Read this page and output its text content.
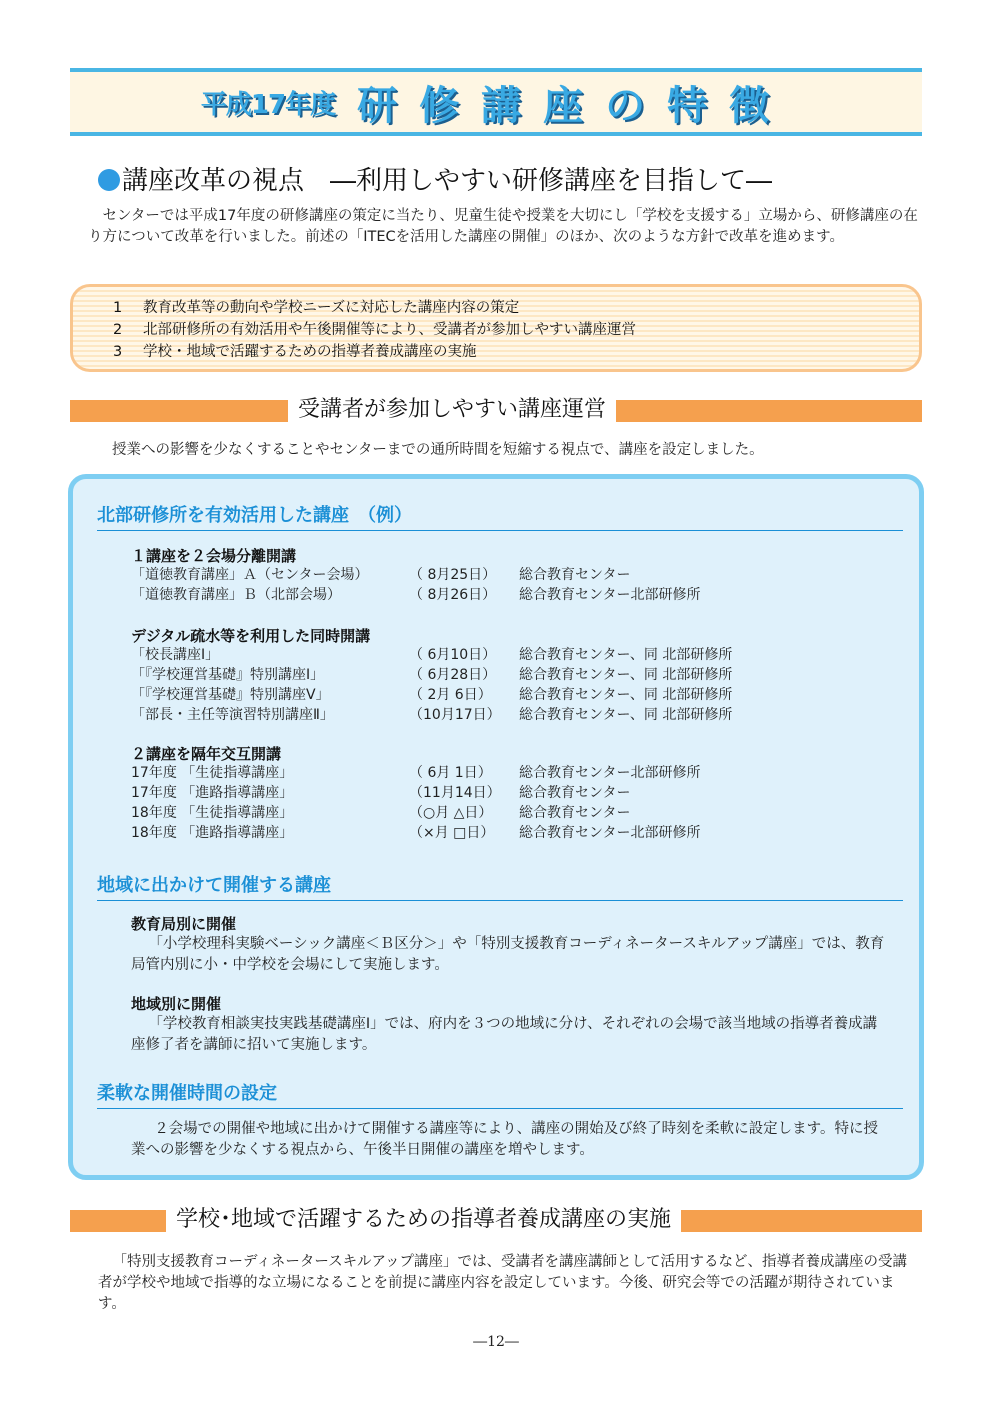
平成17年度 研修講座の特徴
講座改革の視点　―利用しやすい研修講座を目指して―

センターでは平成17年度の研修講座の策定に当たり、児童生徒や授業を大切にし「学校を支援する」立場から、研修講座の在り方について改革を行いました。前述の「ITECを活用した講座の開催」のほか、次のような方針で改革を進めます。

1 教育改革等の動向や学校ニーズに対応した講座内容の策定
2 北部研修所の有効活用や午後開催等により、受講者が参加しやすい講座運営
3 学校・地域で活躍するための指導者養成講座の実施
受講者が参加しやすい講座運営
授業への影響を少なくすることやセンターまでの通所時間を短縮する視点で、講座を設定しました。
北部研修所を有効活用した講座　（例）
１講座を２会場分離開講
「道徳教育講座」Ａ（センター会場）	（ 8月25日） 総合教育センター
「道徳教育講座」Ｂ（北部会場）	（ 8月26日） 総合教育センター北部研修所
デジタル疏水等を利用した同時開講
「校長講座Ⅰ」	（ 6月10日） 総合教育センター、同 北部研修所
「『学校運営基礎』特別講座Ⅰ」	（ 6月28日） 総合教育センター、同 北部研修所
「『学校運営基礎』特別講座Ⅴ」	（ 2月 6日） 総合教育センター、同 北部研修所
「部長・主任等演習特別講座Ⅱ」	（10月17日） 総合教育センター、同 北部研修所
２講座を隔年交互開講
17年度 「生徒指導講座」	（ 6月 1日） 総合教育センター北部研修所
17年度 「進路指導講座」	（11月14日） 総合教育センター
18年度 「生徒指導講座」	（○月 △日） 総合教育センター
18年度 「進路指導講座」	（×月 □日） 総合教育センター北部研修所
地域に出かけて開催する講座
教育局別に開催
「小学校理科実験ベーシック講座＜Ｂ区分＞」や「特別支援教育コーディネータースキルアップ講座」では、教育局管内別に小・中学校を会場にして実施します。
地域別に開催
「学校教育相談実技実践基礎講座Ⅰ」では、府内を３つの地域に分け、それぞれの会場で該当地域の指導者養成講座修了者を講師に招いて実施します。
柔軟な開催時間の設定
２会場での開催や地域に出かけて開催する講座等により、講座の開始及び終了時刻を柔軟に設定します。特に授業への影響を少なくする視点から、午後半日開催の講座を増やします。
学校･地域で活躍するための指導者養成講座の実施

「特別支援教育コーディネータースキルアップ講座」では、受講者を講座講師として活用するなど、指導者養成講座の受講者が学校や地域で指導的な立場になることを前提に講座内容を設定しています。今後、研究会等での活躍が期待されています。

―12―
